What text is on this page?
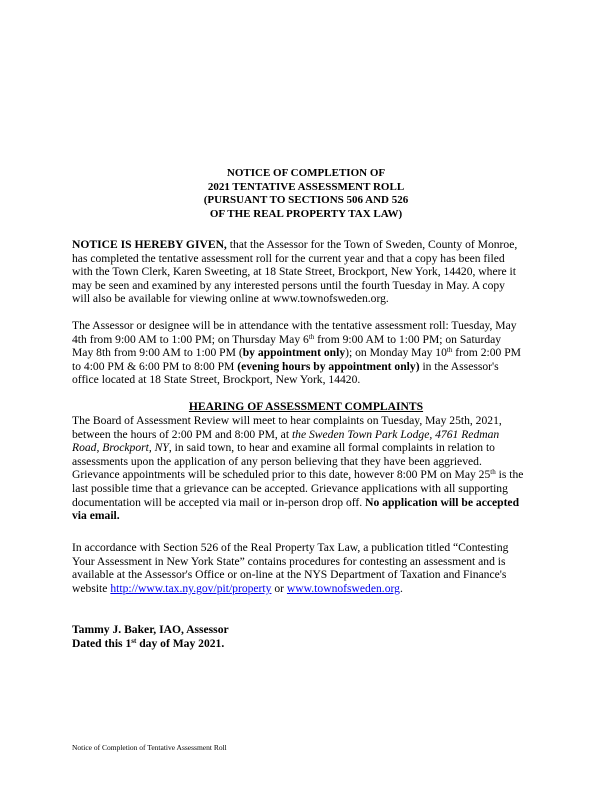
NOTICE OF COMPLETION OF
2021 TENTATIVE ASSESSMENT ROLL
(PURSUANT TO SECTIONS 506 AND 526
OF THE REAL PROPERTY TAX LAW)

NOTICE IS HEREBY GIVEN, that the Assessor for the Town of Sweden, County of Monroe,
has completed the tentative assessment roll for the current year and that a copy has been filed
with the Town Clerk, Karen Sweeting, at 18 State Street, Brockport, New York, 14420, where it
may be seen and examined by any interested persons until the fourth Tuesday in May. A copy
will also be available for viewing online at www.townofsweden.org.

The Assessor or designee will be in attendance with the tentative assessment roll: Tuesday, May
4th from 9:00 AM to 1:00 PM; on Thursday May 6th from 9:00 AM to 1:00 PM; on Saturday
May 8th from 9:00 AM to 1:00 PM (by appointment only); on Monday May 10th from 2:00 PM
to 4:00 PM & 6:00 PM to 8:00 PM (evening hours by appointment only) in the Assessor's
office located at 18 State Street, Brockport, New York, 14420.

HEARING OF ASSESSMENT COMPLAINTS

The Board of Assessment Review will meet to hear complaints on Tuesday, May 25th, 2021,
between the hours of 2:00 PM and 8:00 PM, at the Sweden Town Park Lodge, 4761 Redman
Road, Brockport, NY, in said town, to hear and examine all formal complaints in relation to
assessments upon the application of any person believing that they have been aggrieved.
Grievance appointments will be scheduled prior to this date, however 8:00 PM on May 25th is the
last possible time that a grievance can be accepted. Grievance applications with all supporting
documentation will be accepted via mail or in-person drop off. No application will be accepted
via email.

In accordance with Section 526 of the Real Property Tax Law, a publication titled “Contesting
Your Assessment in New York State” contains procedures for contesting an assessment and is
available at the Assessor's Office or on-line at the NYS Department of Taxation and Finance's
website http://www.tax.ny.gov/pit/property or www.townofsweden.org.

Tammy J. Baker, IAO, Assessor
Dated this 1st day of May 2021.
Notice of Completion of Tentative Assessment Roll
